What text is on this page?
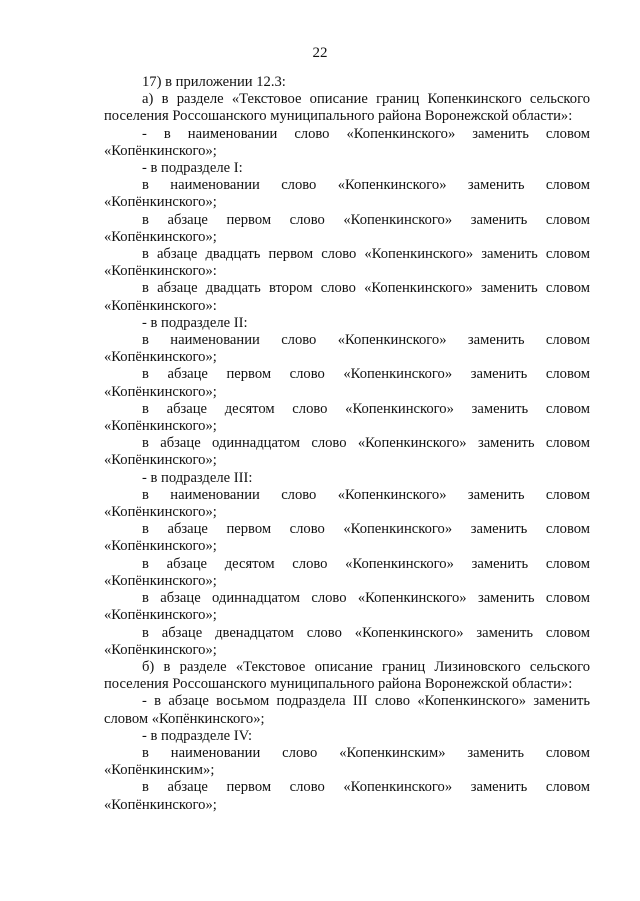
22

17) в приложении 12.3:

а) в разделе «Текстовое описание границ Копенкинского сельского поселения Россошанского муниципального района Воронежской области»:

- в наименовании слово «Копенкинского» заменить словом «Копёнкинского»;

- в подразделе I:

в наименовании слово «Копенкинского» заменить словом «Копёнкинского»;

в абзаце первом слово «Копенкинского» заменить словом «Копёнкинского»;

в абзаце двадцать первом слово «Копенкинского» заменить словом «Копёнкинского»:

в абзаце двадцать втором слово «Копенкинского» заменить словом «Копёнкинского»:

- в подразделе II:

в наименовании слово «Копенкинского» заменить словом «Копёнкинского»;

в абзаце первом слово «Копенкинского» заменить словом «Копёнкинского»;

в абзаце десятом слово «Копенкинского» заменить словом «Копёнкинского»;

в абзаце одиннадцатом слово «Копенкинского» заменить словом «Копёнкинского»;

- в подразделе III:

в наименовании слово «Копенкинского» заменить словом «Копёнкинского»;

в абзаце первом слово «Копенкинского» заменить словом «Копёнкинского»;

в абзаце десятом слово «Копенкинского» заменить словом «Копёнкинского»;

в абзаце одиннадцатом слово «Копенкинского» заменить словом «Копёнкинского»;

в абзаце двенадцатом слово «Копенкинского» заменить словом «Копёнкинского»;

б) в разделе «Текстовое описание границ Лизиновского сельского поселения Россошанского муниципального района Воронежской области»:

- в абзаце восьмом подраздела III слово «Копенкинского» заменить словом «Копёнкинского»;

- в подразделе IV:

в наименовании слово «Копенкинским» заменить словом «Копёнкинским»;

в абзаце первом слово «Копенкинского» заменить словом «Копёнкинского»;
